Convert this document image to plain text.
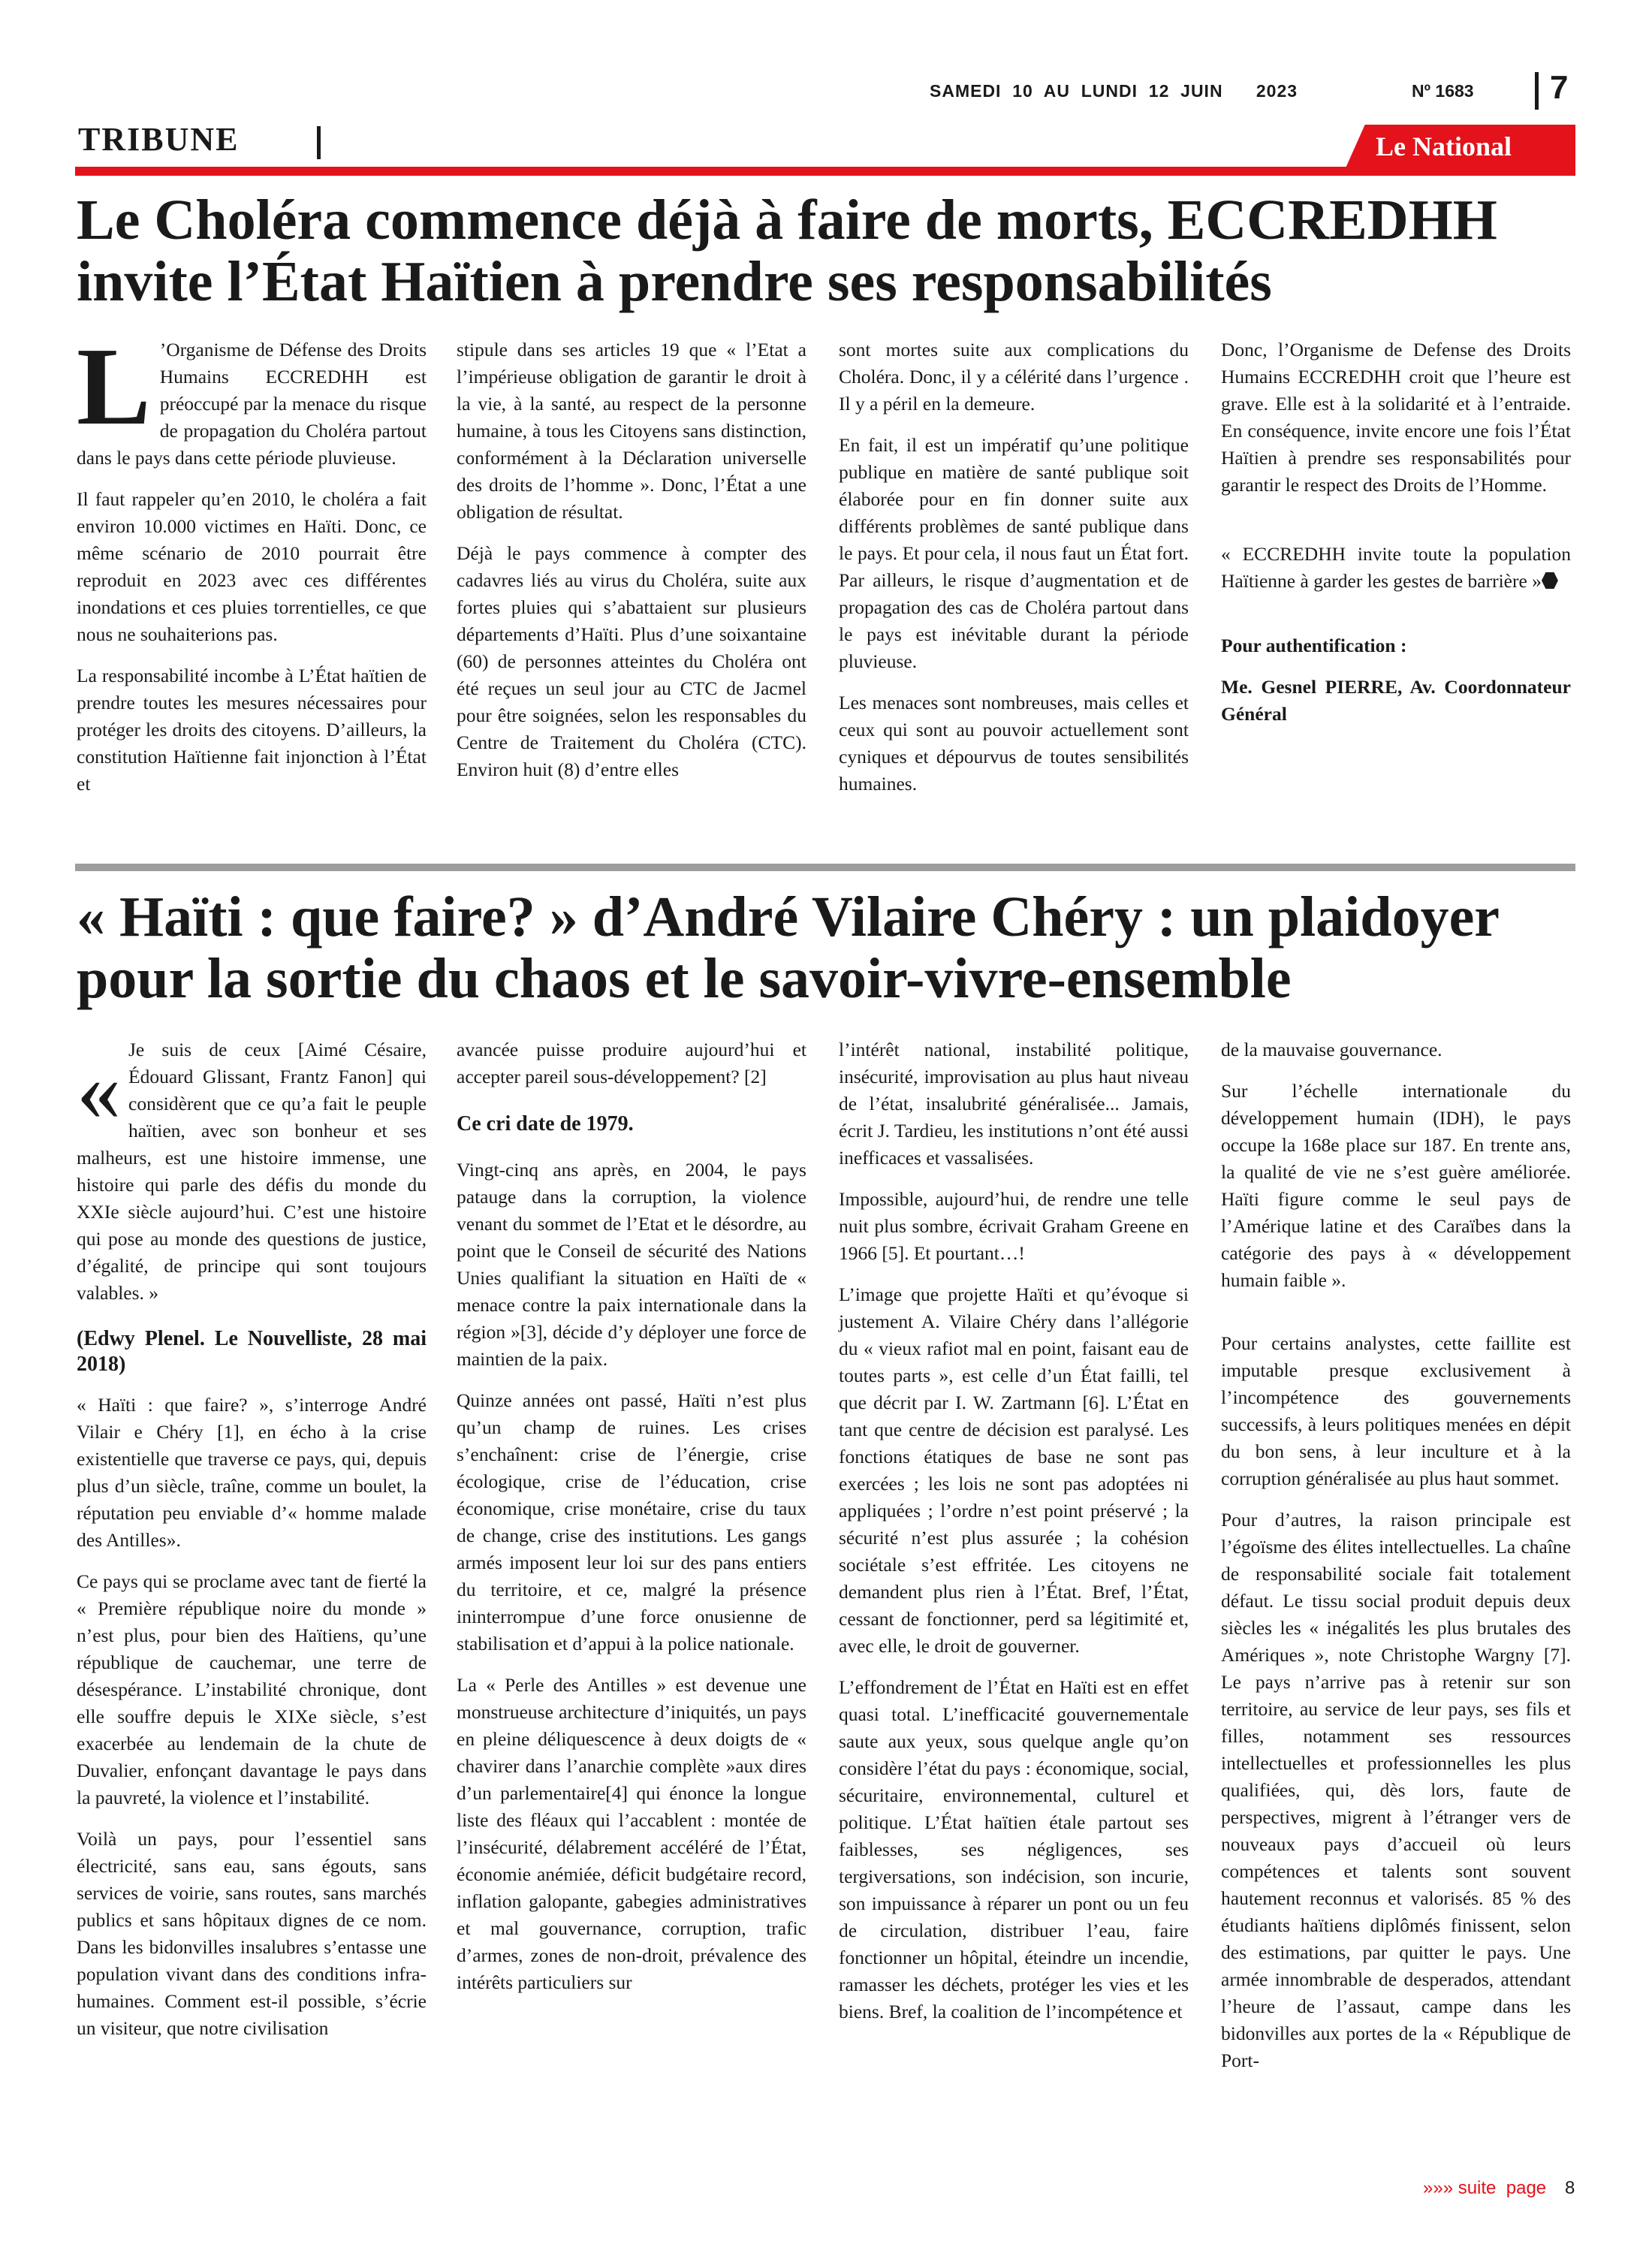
SAMEDI  10  AU  LUNDI  12  JUIN      2023	Nº 1683 7
TRIBUNE	Le National
Le Choléra commence déjà à faire de morts, ECCREDHH invite l’État Haïtien à prendre ses responsabilités

L ’Organisme de Défense des Droits Humains ECCREDHH est préoccupé par la menace du risque de propagation du Choléra partout dans le pays dans cette période pluvieuse.

Il faut rappeler qu’en 2010, le choléra a fait environ 10.000 victimes en Haïti. Donc, ce même scénario de 2010 pourrait être reproduit en 2023 avec ces différentes inondations et ces pluies torrentielles, ce que nous ne souhaiterions pas.

La responsabilité incombe à L’État haïtien de prendre toutes les mesures nécessaires pour protéger les droits des citoyens. D’ailleurs, la constitution Haïtienne fait injonction à l’État et

stipule dans ses articles 19 que « l’Etat a l’impérieuse obligation de garantir le droit à la vie, à la santé, au respect de la personne humaine, à tous les Citoyens sans distinction, conformément à la Déclaration universelle des droits de l’homme ». Donc, l’État a une obligation de résultat.

Déjà le pays commence à compter des cadavres liés au virus du Choléra, suite aux fortes pluies qui s’abattaient sur plusieurs départements d’Haïti. Plus d’une soixantaine (60) de personnes atteintes du Choléra ont été reçues un seul jour au CTC de Jacmel pour être soignées, selon les responsables du Centre de Traitement du Choléra (CTC). Environ huit (8) d’entre elles

sont mortes suite aux complications du Choléra. Donc, il y a célérité dans l’urgence . Il y a péril en la demeure.

En fait, il est un impératif qu’une politique publique en matière de santé publique soit élaborée pour en fin donner suite aux différents problèmes de santé publique dans le pays. Et pour cela, il nous faut un État fort. Par ailleurs, le risque d’augmentation et de propagation des cas de Choléra partout dans le pays est inévitable durant la période pluvieuse.

Les menaces sont nombreuses, mais celles et ceux qui sont au pouvoir actuellement sont cyniques et dépourvus de toutes sensibilités humaines.

Donc, l’Organisme de Defense des Droits Humains ECCREDHH croit que l’heure est grave. Elle est à la solidarité et à l’entraide. En conséquence, invite encore une fois l’État Haïtien à prendre ses responsabilités pour garantir le respect des Droits de l’Homme.

« ECCREDHH invite toute la population Haïtienne à garder les gestes de barrière »

Pour authentification :

Me. Gesnel PIERRE, Av. Coordonnateur Général

« Haïti : que faire? » d’André Vilaire Chéry : un plaidoyer pour la sortie du chaos et le savoir-vivre-ensemble

« Je suis de ceux [Aimé Césaire, Édouard Glissant, Frantz Fanon] qui considèrent que ce qu’a fait le peuple haïtien, avec son bonheur et ses malheurs, est une histoire immense, une histoire qui parle des défis du monde du XXIe siècle aujourd’hui. C’est une histoire qui pose au monde des questions de justice, d’égalité, de principe qui sont toujours valables. »

(Edwy Plenel. Le Nouvelliste, 28 mai 2018)

« Haïti : que faire? », s’interroge André Vilair e Chéry [1], en écho à la crise existentielle que traverse ce pays, qui, depuis plus d’un siècle, traîne, comme un boulet, la réputation peu enviable d’« homme malade des Antilles».

Ce pays qui se proclame avec tant de fierté la « Première république noire du monde » n’est plus, pour bien des Haïtiens, qu’une république de cauchemar, une terre de désespérance. L’instabilité chronique, dont elle souffre depuis le XIXe siècle, s’est exacerbée au lendemain de la chute de Duvalier, enfonçant davantage le pays dans la pauvreté, la violence et l’instabilité.

Voilà un pays, pour l’essentiel sans électricité, sans eau, sans égouts, sans services de voirie, sans routes, sans marchés publics et sans hôpitaux dignes de ce nom. Dans les bidonvilles insalubres s’entasse une population vivant dans des conditions infra-humaines. Comment est-il possible, s’écrie un visiteur, que notre civilisation

avancée puisse produire aujourd’hui et accepter pareil sous-développement? [2]

Ce cri date de 1979.

Vingt-cinq ans après, en 2004, le pays patauge dans la corruption, la violence venant du sommet de l’Etat et le désordre, au point que le Conseil de sécurité des Nations Unies qualifiant la situation en Haïti de « menace contre la paix internationale dans la région »[3], décide d’y déployer une force de maintien de la paix.

Quinze années ont passé, Haïti n’est plus qu’un champ de ruines. Les crises s’enchaînent: crise de l’énergie, crise écologique, crise de l’éducation, crise économique, crise monétaire, crise du taux de change, crise des institutions. Les gangs armés imposent leur loi sur des pans entiers du territoire, et ce, malgré la présence ininterrompue d’une force onusienne de stabilisation et d’appui à la police nationale.

La « Perle des Antilles » est devenue une monstrueuse architecture d’iniquités, un pays en pleine déliquescence à deux doigts de « chavirer dans l’anarchie complète »aux dires d’un parlementaire[4] qui énonce la longue liste des fléaux qui l’accablent : montée de l’insécurité, délabrement accéléré de l’État, économie anémiée, déficit budgétaire record, inflation galopante, gabegies administratives et mal gouvernance, corruption, trafic d’armes, zones de non-droit, prévalence des intérêts particuliers sur

l’intérêt national, instabilité politique, insécurité, improvisation au plus haut niveau de l’état, insalubrité généralisée... Jamais, écrit J. Tardieu, les institutions n’ont été aussi inefficaces et vassalisées.

Impossible, aujourd’hui, de rendre une telle nuit plus sombre, écrivait Graham Greene en 1966 [5]. Et pourtant…!

L’image que projette Haïti et qu’évoque si justement A. Vilaire Chéry dans l’allégorie du « vieux rafiot mal en point, faisant eau de toutes parts », est celle d’un État failli, tel que décrit par I. W. Zartmann [6]. L’État en tant que centre de décision est paralysé. Les fonctions étatiques de base ne sont pas exercées ; les lois ne sont pas adoptées ni appliquées ; l’ordre n’est point préservé ; la sécurité n’est plus assurée ; la cohésion sociétale s’est effritée. Les citoyens ne demandent plus rien à l’État. Bref, l’État, cessant de fonctionner, perd sa légitimité et, avec elle, le droit de gouverner.

L’effondrement de l’État en Haïti est en effet quasi total. L’inefficacité gouvernementale saute aux yeux, sous quelque angle qu’on considère l’état du pays : économique, social, sécuritaire, environnemental, culturel et politique. L’État haïtien étale partout ses faiblesses, ses négligences, ses tergiversations, son indécision, son incurie, son impuissance à réparer un pont ou un feu de circulation, distribuer l’eau, faire fonctionner un hôpital, éteindre un incendie, ramasser les déchets, protéger les vies et les biens. Bref, la coalition de l’incompétence et

de la mauvaise gouvernance.

Sur l’échelle internationale du développement humain (IDH), le pays occupe la 168e place sur 187. En trente ans, la qualité de vie ne s’est guère améliorée. Haïti figure comme le seul pays de l’Amérique latine et des Caraïbes dans la catégorie des pays à « développement humain faible ».

Pour certains analystes, cette faillite est imputable presque exclusivement à l’incompétence des gouvernements successifs, à leurs politiques menées en dépit du bon sens, à leur inculture et à la corruption généralisée au plus haut sommet.

Pour d’autres, la raison principale est l’égoïsme des élites intellectuelles. La chaîne de responsabilité sociale fait totalement défaut. Le tissu social produit depuis deux siècles les « inégalités les plus brutales des Amériques », note Christophe Wargny [7]. Le pays n’arrive pas à retenir sur son territoire, au service de leur pays, ses fils et filles, notamment ses ressources intellectuelles et professionnelles les plus qualifiées, qui, dès lors, faute de perspectives, migrent à l’étranger vers de nouveaux pays d’accueil où leurs compétences et talents sont souvent hautement reconnus et valorisés. 85 % des étudiants haïtiens diplômés finissent, selon des estimations, par quitter le pays. Une armée innombrable de desperados, attendant l’heure de l’assaut, campe dans les bidonvilles aux portes de la « République de Port-

»»» suite  page 8
